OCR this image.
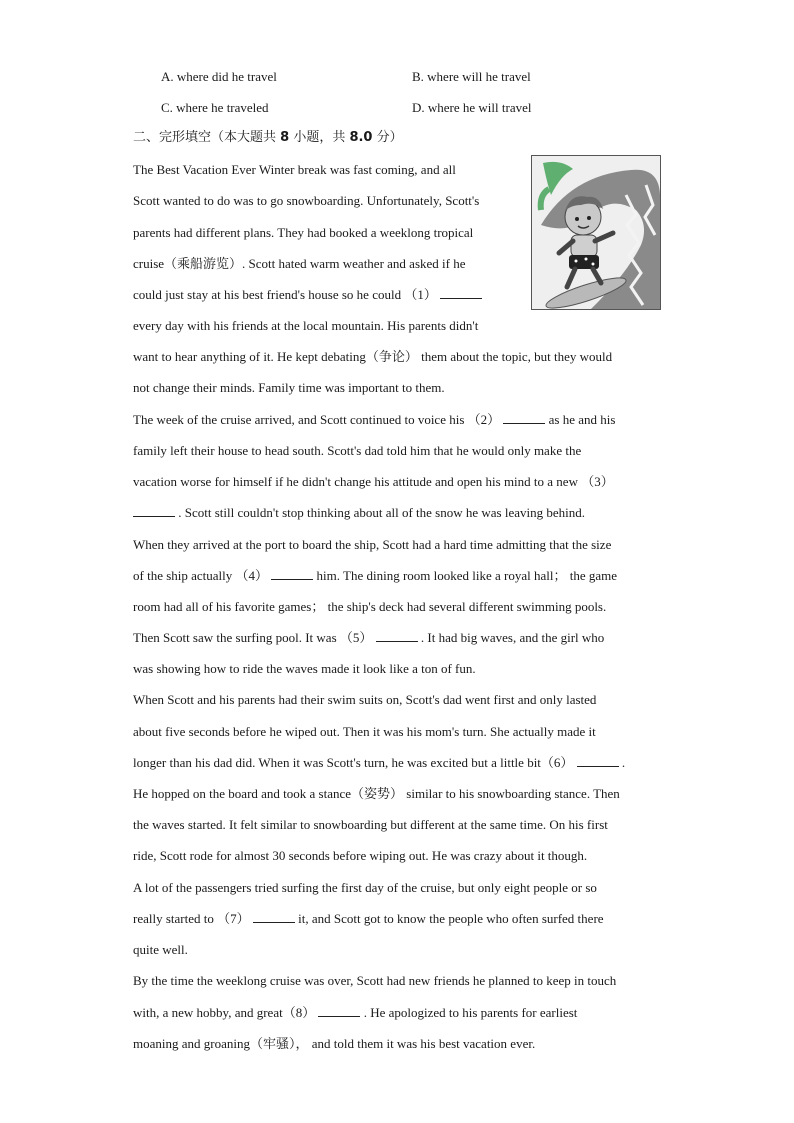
A. where did he travel	B. where will he travel
C. where he traveled	D. where he will travel
二、完形填空（本大题共 8 小题，共 8.0 分）
The Best Vacation Ever Winter break was fast coming, and all
Scott wanted to do was to go snowboarding. Unfortunately, Scott's
parents had different plans. They had booked a weeklong tropical
cruise（乘船游览）. Scott hated warm weather and asked if he
could just stay at his best friend's house so he could （1）
every day with his friends at the local mountain. His parents didn't
want to hear anything of it. He kept debating（争论） them about the topic, but they would
not change their minds. Family time was important to them.
The week of the cruise arrived, and Scott continued to voice his （2）	as he and his
family left their house to head south. Scott's dad told him that he would only make the
vacation worse for himself if he didn't change his attitude and open his mind to a new （3）
. Scott still couldn't stop thinking about all of the snow he was leaving behind.
When they arrived at the port to board the ship, Scott had a hard time admitting that the size
of the ship actually （4）	him. The dining room looked like a royal hall； the game
room had all of his favorite games； the ship's deck had several different swimming pools.
Then Scott saw the surfing pool. It was （5）	. It had big waves, and the girl who
was showing how to ride the waves made it look like a ton of fun.
When Scott and his parents had their swim suits on, Scott's dad went first and only lasted
about five seconds before he wiped out. Then it was his mom's turn. She actually made it
longer than his dad did. When it was Scott's turn, he was excited but a little bit（6）	.
He hopped on the board and took a stance（姿势） similar to his snowboarding stance. Then
the waves started. It felt similar to snowboarding but different at the same time. On his first
ride, Scott rode for almost 30 seconds before wiping out. He was crazy about it though.
A lot of the passengers tried surfing the first day of the cruise, but only eight people or so
really started to （7）	it, and Scott got to know the people who often surfed there
quite well.
By the time the weeklong cruise was over, Scott had new friends he planned to keep in touch
with, a new hobby, and great（8）	. He apologized to his parents for earliest
moaning and groaning（牢骚）， and told them it was his best vacation ever.
